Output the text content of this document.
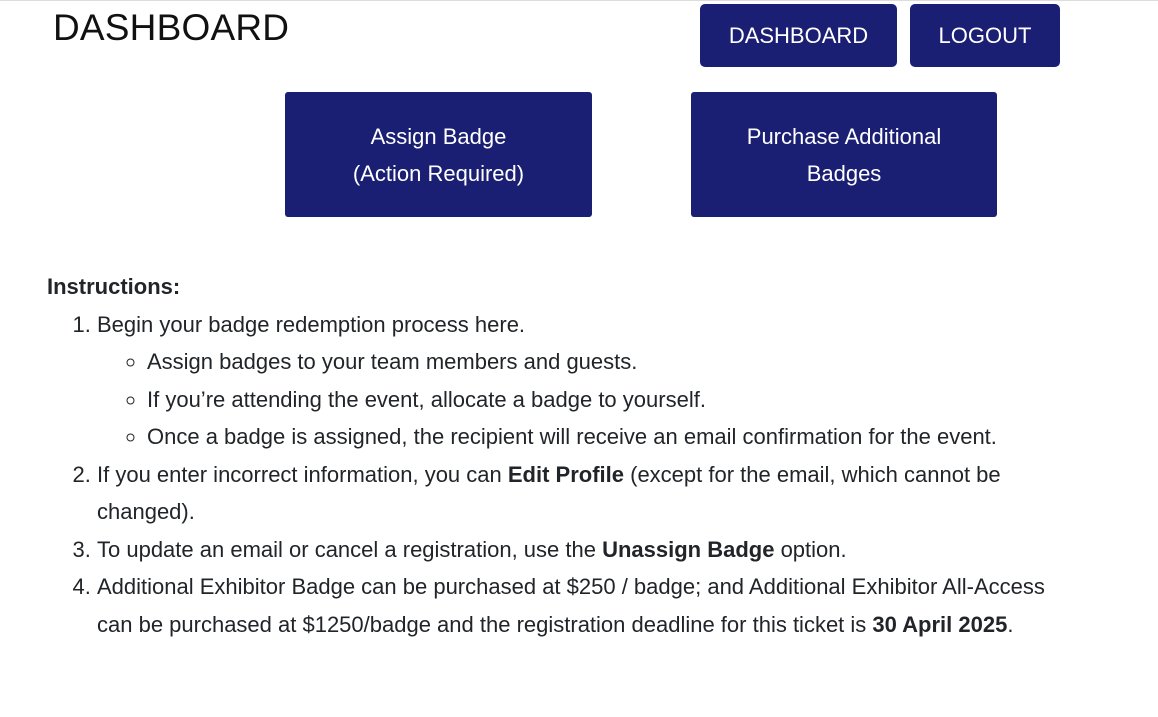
DASHBOARD	DASHBOARD	LOGOUT
Assign Badge
(Action Required)
Purchase Additional
Badges

Instructions:

1. Begin your badge redemption process here.
◦ Assign badges to your team members and guests.
◦ If you’re attending the event, allocate a badge to yourself.
◦ Once a badge is assigned, the recipient will receive an email confirmation for the event.
2. If you enter incorrect information, you can Edit Profile (except for the email, which cannot be changed).
3. To update an email or cancel a registration, use the Unassign Badge option.
4. Additional Exhibitor Badge can be purchased at $250 / badge; and Additional Exhibitor All-Access can be purchased at $1250/badge and the registration deadline for this ticket is 30 April 2025.
